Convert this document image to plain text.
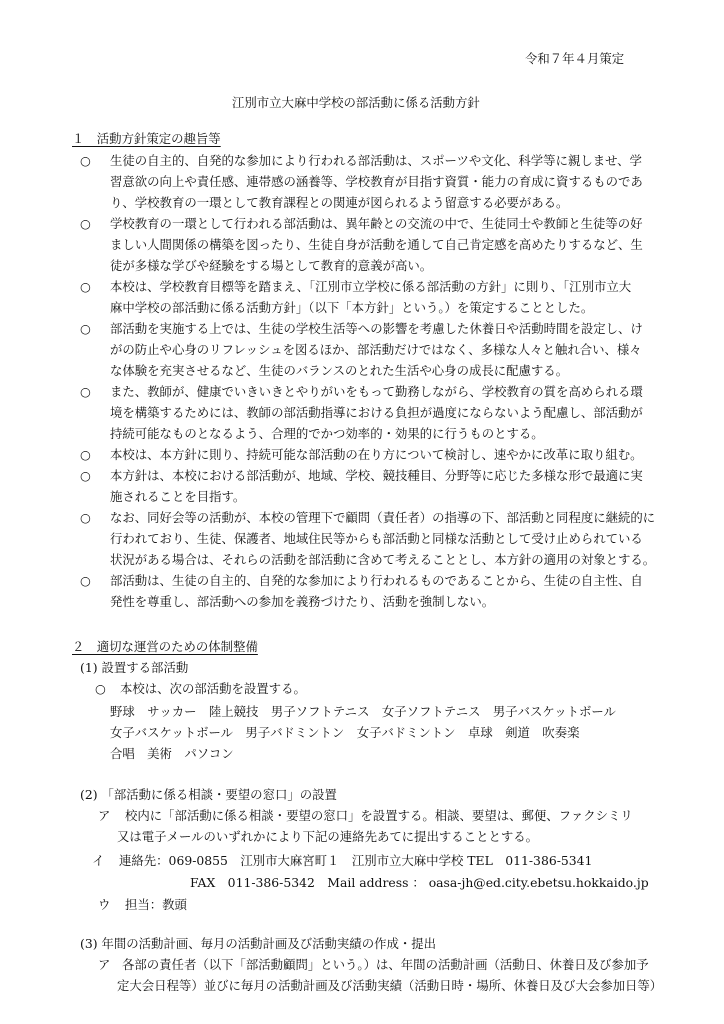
令和７年４月策定
江別市立大麻中学校の部活動に係る活動方針
１　活動方針策定の趣旨等
○ 生徒の自主的、自発的な参加により行われる部活動は、スポーツや文化、科学等に親しませ、学
習意欲の向上や責任感、連帯感の涵養等、学校教育が目指す資質・能力の育成に資するものであ
り、学校教育の一環として教育課程との関連が図られるよう留意する必要がある。
○ 学校教育の一環として行われる部活動は、異年齢との交流の中で、生徒同士や教師と生徒等の好
ましい人間関係の構築を図ったり、生徒自身が活動を通して自己肯定感を高めたりするなど、生
徒が多様な学びや経験をする場として教育的意義が高い。
○ 本校は、学校教育目標等を踏まえ、「江別市立学校に係る部活動の方針」に則り、「江別市立大
麻中学校の部活動に係る活動方針」（以下「本方針」という。）を策定することとした。
○ 部活動を実施する上では、生徒の学校生活等への影響を考慮した休養日や活動時間を設定し、け
がの防止や心身のリフレッシュを図るほか、部活動だけではなく、多様な人々と触れ合い、様々
な体験を充実させるなど、生徒のバランスのとれた生活や心身の成長に配慮する。
○ また、教師が、健康でいきいきとやりがいをもって勤務しながら、学校教育の質を高められる環
境を構築するためには、教師の部活動指導における負担が過度にならないよう配慮し、部活動が
持続可能なものとなるよう、合理的でかつ効率的・効果的に行うものとする。
○ 本校は、本方針に則り、持続可能な部活動の在り方について検討し、速やかに改革に取り組む。
○ 本方針は、本校における部活動が、地域、学校、競技種目、分野等に応じた多様な形で最適に実
施されることを目指す。
○ なお、同好会等の活動が、本校の管理下で顧問（責任者）の指導の下、部活動と同程度に継続的に
行われており、生徒、保護者、地域住民等からも部活動と同様な活動として受け止められている
状況がある場合は、それらの活動を部活動に含めて考えることとし、本方針の適用の対象とする。
○ 部活動は、生徒の自主的、自発的な参加により行われるものであることから、生徒の自主性、自
発性を尊重し、部活動への参加を義務づけたり、活動を強制しない。
２　適切な運営のための体制整備
(1) 設置する部活動
○ 本校は、次の部活動を設置する。
野球　サッカー　陸上競技　男子ソフトテニス　女子ソフトテニス　男子バスケットボール
女子バスケットボール　男子バドミントン　女子バドミントン　卓球　剣道　吹奏楽
合唱　美術　パソコン
(2) 「部活動に係る相談・要望の窓口」の設置
ア 校内に「部活動に係る相談・要望の窓口」を設置する。相談、要望は、郵便、ファクシミリ
又は電子メールのいずれかにより下記の連絡先あてに提出することとする。
イ 連絡先：069-0855　江別市大麻宮町１　江別市立大麻中学校 TEL　011-386-5341
FAX　011-386-5342　Mail address ： oasa-jh@ed.city.ebetsu.hokkaido.jp
ウ 担当：教頭
(3) 年間の活動計画、毎月の活動計画及び活動実績の作成・提出
ア 各部の責任者（以下「部活動顧問」という。）は、年間の活動計画（活動日、休養日及び参加予
定大会日程等）並びに毎月の活動計画及び活動実績（活動日時・場所、休養日及び大会参加日等）
